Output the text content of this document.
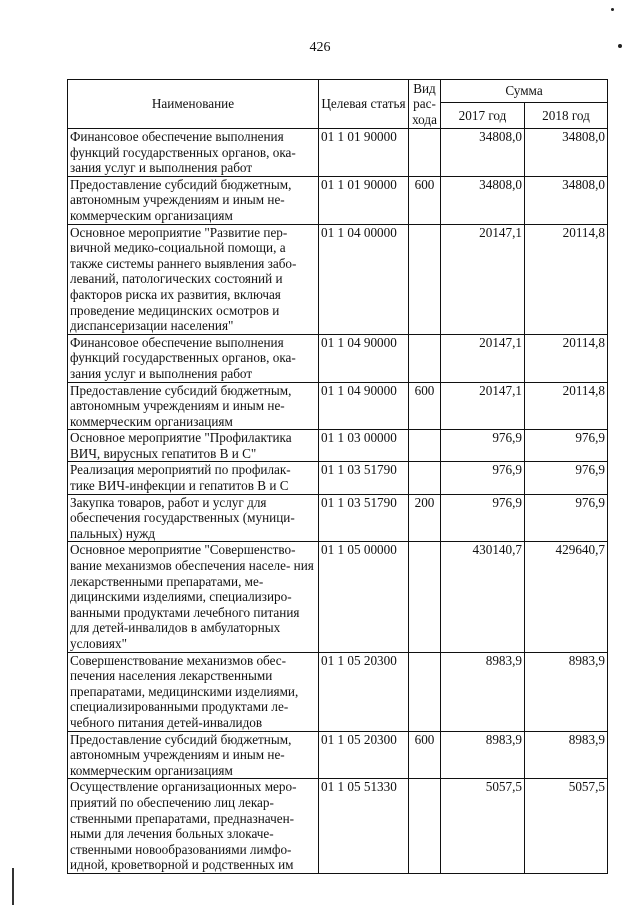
426
Наименование	Целевая статья	Вид рас- хода	Сумма	
			2017 год	2018 год
Финансовое обеспечение выполнения функций государственных органов, ока- зания услуг и выполнения работ	01 1 01 90000		34808,0	34808,0
Предоставление субсидий бюджетным, автономным учреждениям и иным не- коммерческим организациям	01 1 01 90000	600	34808,0	34808,0
Основное мероприятие "Развитие пер- вичной медико-социальной помощи, а также системы раннего выявления забо- леваний, патологических состояний и факторов риска их развития, включая проведение медицинских осмотров и диспансеризации населения"	01 1 04 00000		20147,1	20114,8
Финансовое обеспечение выполнения функций государственных органов, ока- зания услуг и выполнения работ	01 1 04 90000		20147,1	20114,8
Предоставление субсидий бюджетным, автономным учреждениям и иным не- коммерческим организациям	01 1 04 90000	600	20147,1	20114,8
Основное мероприятие "Профилактика ВИЧ, вирусных гепатитов В и С"	01 1 03 00000		976,9	976,9
Реализация мероприятий по профилак- тике ВИЧ-инфекции и гепатитов В и С	01 1 03 51790		976,9	976,9
Закупка товаров, работ и услуг для обеспечения государственных (муници- пальных) нужд	01 1 03 51790	200	976,9	976,9
Основное мероприятие "Совершенство- вание механизмов обеспечения населе- ния лекарственными препаратами, ме- дицинскими изделиями, специализиро- ванными продуктами лечебного питания для детей-инвалидов в амбулаторных условиях"	01 1 05 00000		430140,7	429640,7
Совершенствование механизмов обес- печения населения лекарственными препаратами, медицинскими изделиями, специализированными продуктами ле- чебного питания детей-инвалидов	01 1 05 20300		8983,9	8983,9
Предоставление субсидий бюджетным, автономным учреждениям и иным не- коммерческим организациям	01 1 05 20300	600	8983,9	8983,9
Осуществление организационных меро- приятий по обеспечению лиц лекар- ственными препаратами, предназначен- ными для лечения больных злокаче- ственными новообразованиями лимфо- идной, кроветворной и родственных им	01 1 05 51330		5057,5	5057,5
